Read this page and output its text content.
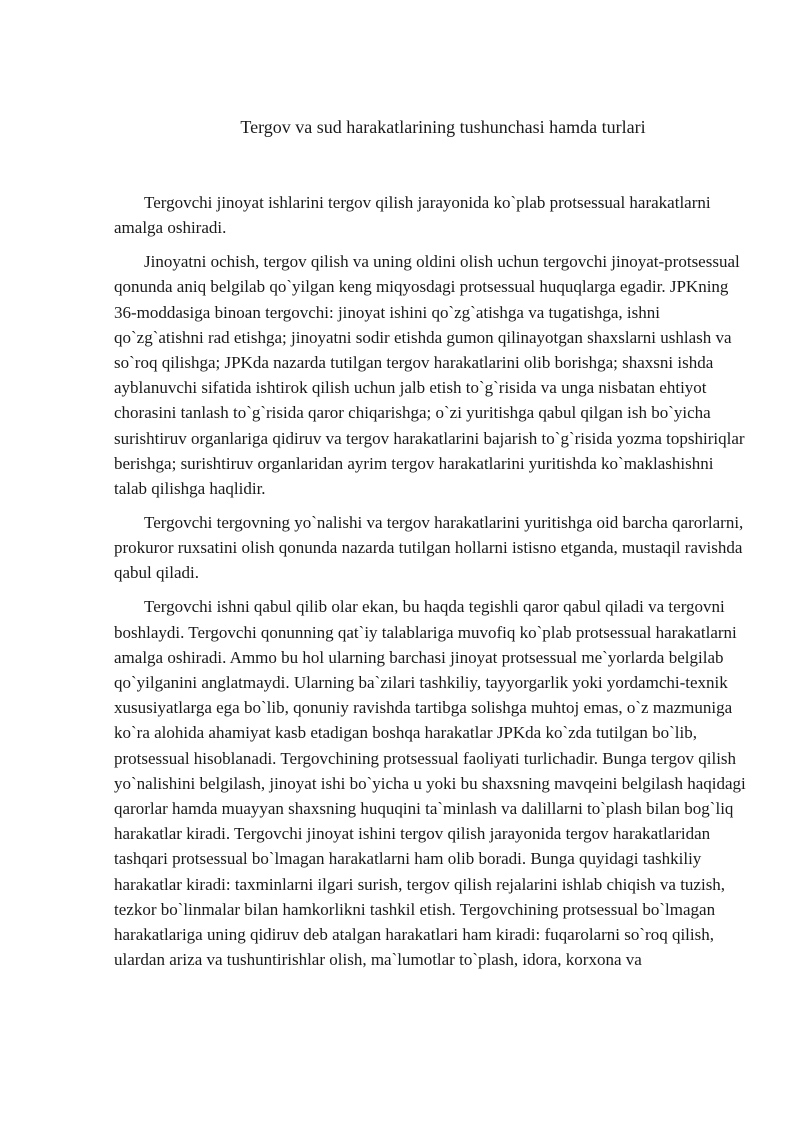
Tergov va sud harakatlarining tushunchasi hamda turlari

Tergovchi jinoyat ishlarini tergov qilish jarayonida ko`plab protsessual harakatlarni amalga oshiradi.

Jinoyatni ochish, tergov qilish va uning oldini olish uchun tergovchi jinoyat-protsessual qonunda aniq belgilab qo`yilgan keng miqyosdagi protsessual huquqlarga egadir. JPKning 36-moddasiga binoan tergovchi: jinoyat ishini qo`zg`atishga va tugatishga, ishni qo`zg`atishni rad etishga; jinoyatni sodir etishda gumon qilinayotgan shaxslarni ushlash va so`roq qilishga; JPKda nazarda tutilgan tergov harakatlarini olib borishga; shaxsni ishda ayblanuvchi sifatida ishtirok qilish uchun jalb etish to`g`risida va unga nisbatan ehtiyot chorasini tanlash to`g`risida qaror chiqarishga; o`zi yuritishga qabul qilgan ish bo`yicha surishtiruv organlariga qidiruv va tergov harakatlarini bajarish to`g`risida yozma topshiriqlar berishga; surishtiruv organlaridan ayrim tergov harakatlarini yuritishda ko`maklashishni talab qilishga haqlidir.

Tergovchi tergovning yo`nalishi va tergov harakatlarini yuritishga oid barcha qarorlarni, prokuror ruxsatini olish qonunda nazarda tutilgan hollarni istisno etganda, mustaqil ravishda qabul qiladi.

Tergovchi ishni qabul qilib olar ekan, bu haqda tegishli qaror qabul qiladi va tergovni boshlaydi. Tergovchi qonunning qat`iy talablariga muvofiq ko`plab protsessual harakatlarni amalga oshiradi. Ammo bu hol ularning barchasi jinoyat protsessual me`yorlarda belgilab qo`yilganini anglatmaydi. Ularning ba`zilari tashkiliy, tayyorgarlik yoki yordamchi-texnik xususiyatlarga ega bo`lib, qonuniy ravishda tartibga solishga muhtoj emas, o`z mazmuniga ko`ra alohida ahamiyat kasb etadigan boshqa harakatlar JPKda ko`zda tutilgan bo`lib, protsessual hisoblanadi. Tergovchining protsessual faoliyati turlichadir. Bunga tergov qilish yo`nalishini belgilash, jinoyat ishi bo`yicha u yoki bu shaxsning mavqeini belgilash haqidagi qarorlar hamda muayyan shaxsning huquqini ta`minlash va dalillarni to`plash bilan bog`liq harakatlar kiradi. Tergovchi jinoyat ishini tergov qilish jarayonida tergov harakatlaridan tashqari protsessual bo`lmagan harakatlarni ham olib boradi. Bunga quyidagi tashkiliy harakatlar kiradi: taxminlarni ilgari surish, tergov qilish rejalarini ishlab chiqish va tuzish, tezkor bo`linmalar bilan hamkorlikni tashkil etish. Tergovchining protsessual bo`lmagan harakatlariga uning qidiruv deb atalgan harakatlari ham kiradi: fuqarolarni so`roq qilish, ulardan ariza va tushuntirishlar olish, ma`lumotlar to`plash, idora, korxona va
